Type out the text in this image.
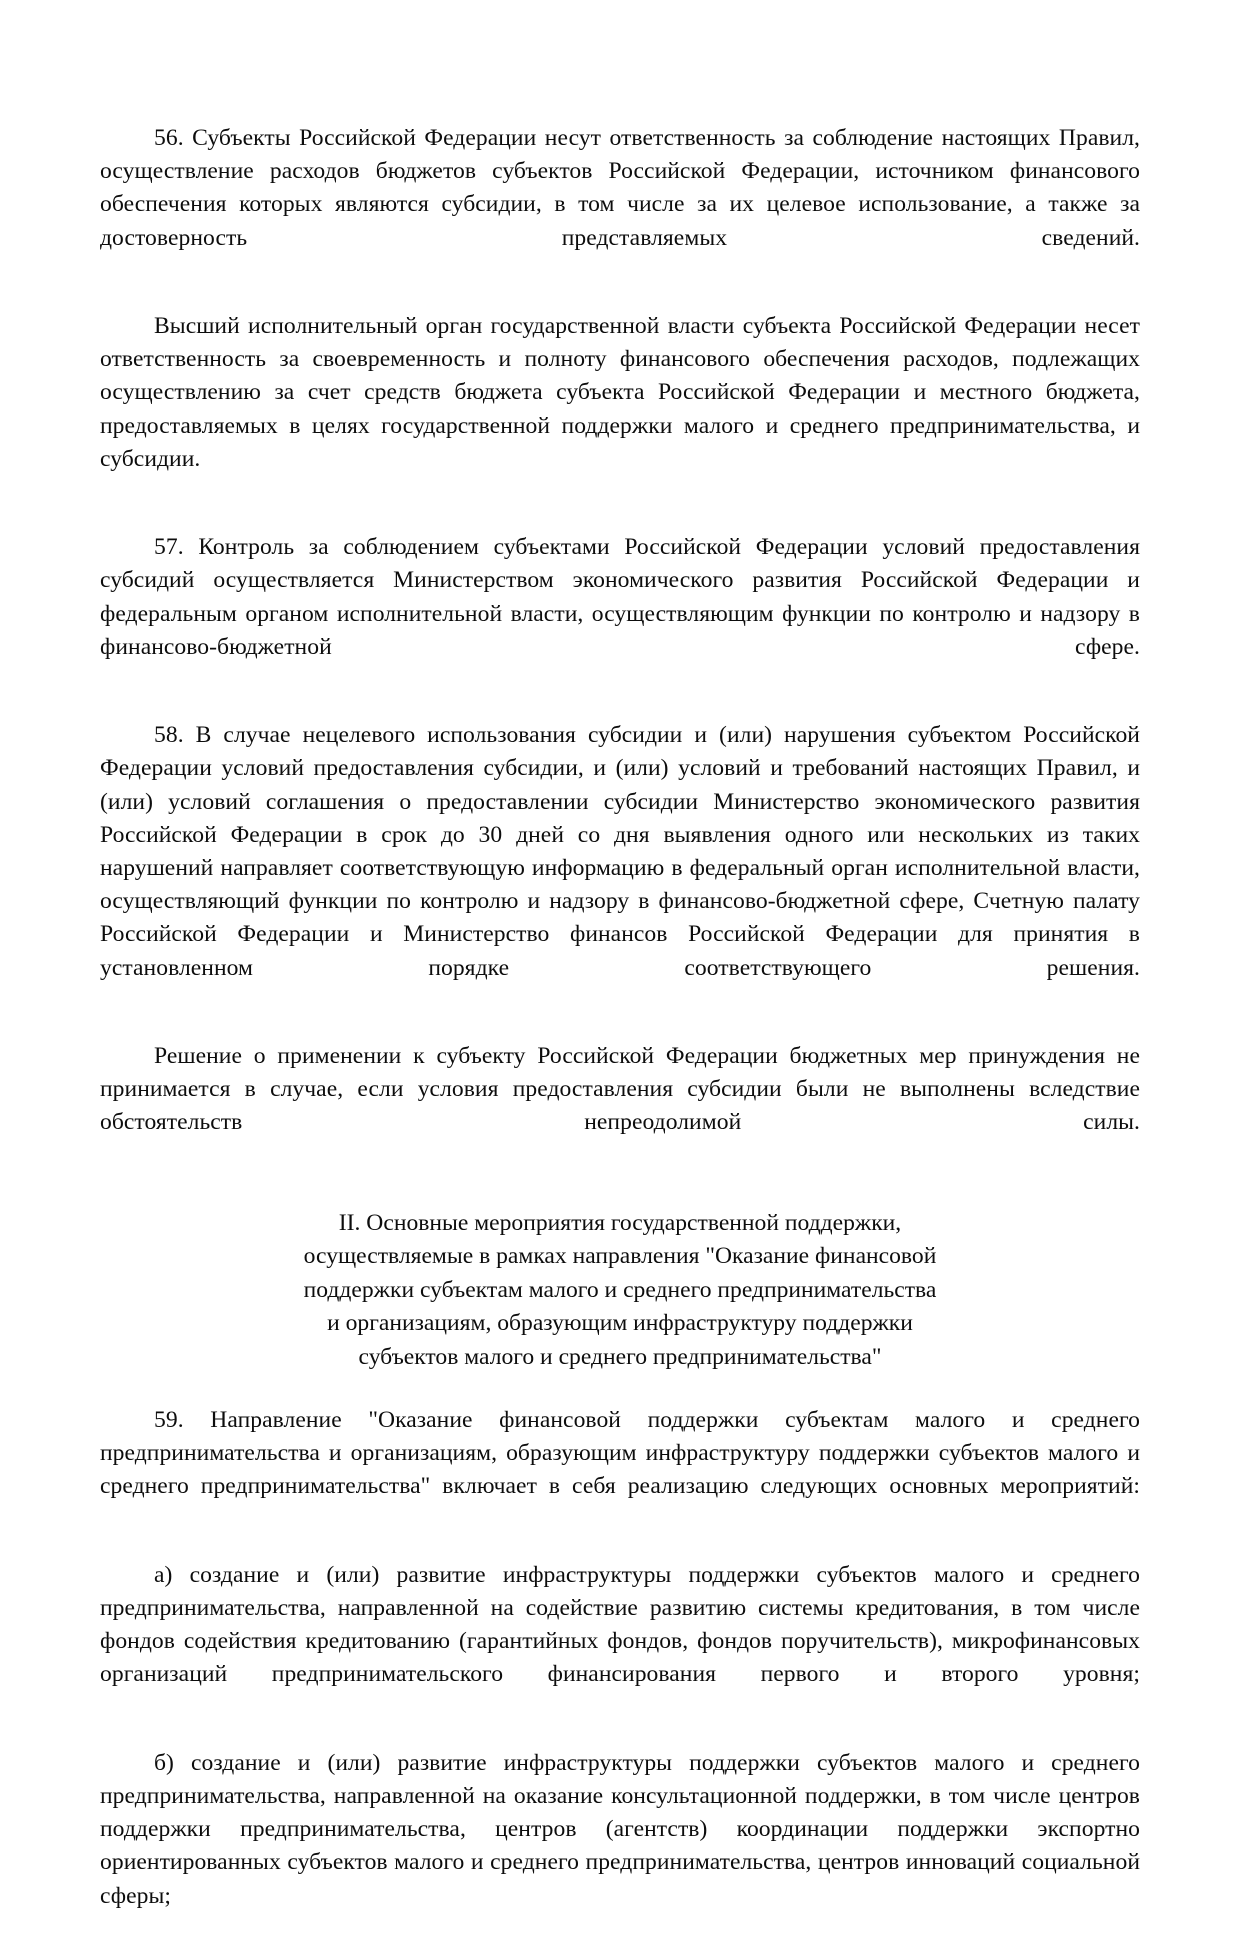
56. Субъекты Российской Федерации несут ответственность за соблюдение настоящих Правил, осуществление расходов бюджетов субъектов Российской Федерации, источником финансового обеспечения которых являются субсидии, в том числе за их целевое использование, а также за достоверность представляемых сведений.

Высший исполнительный орган государственной власти субъекта Российской Федерации несет ответственность за своевременность и полноту финансового обеспечения расходов, подлежащих осуществлению за счет средств бюджета субъекта Российской Федерации и местного бюджета, предоставляемых в целях государственной поддержки малого и среднего предпринимательства, и субсидии.

57. Контроль за соблюдением субъектами Российской Федерации условий предоставления субсидий осуществляется Министерством экономического развития Российской Федерации и федеральным органом исполнительной власти, осуществляющим функции по контролю и надзору в финансово-бюджетной сфере.

58. В случае нецелевого использования субсидии и (или) нарушения субъектом Российской Федерации условий предоставления субсидии, и (или) условий и требований настоящих Правил, и (или) условий соглашения о предоставлении субсидии Министерство экономического развития Российской Федерации в срок до 30 дней со дня выявления одного или нескольких из таких нарушений направляет соответствующую информацию в федеральный орган исполнительной власти, осуществляющий функции по контролю и надзору в финансово-бюджетной сфере, Счетную палату Российской Федерации и Министерство финансов Российской Федерации для принятия в установленном порядке соответствующего решения.

Решение о применении к субъекту Российской Федерации бюджетных мер принуждения не принимается в случае, если условия предоставления субсидии были не выполнены вследствие обстоятельств непреодолимой силы.

II. Основные мероприятия государственной поддержки,
осуществляемые в рамках направления "Оказание финансовой
поддержки субъектам малого и среднего предпринимательства
и организациям, образующим инфраструктуру поддержки
субъектов малого и среднего предпринимательства"

59. Направление "Оказание финансовой поддержки субъектам малого и среднего предпринимательства и организациям, образующим инфраструктуру поддержки субъектов малого и среднего предпринимательства" включает в себя реализацию следующих основных мероприятий:

а) создание и (или) развитие инфраструктуры поддержки субъектов малого и среднего предпринимательства, направленной на содействие развитию системы кредитования, в том числе фондов содействия кредитованию (гарантийных фондов, фондов поручительств), микрофинансовых организаций предпринимательского финансирования первого и второго уровня;

б) создание и (или) развитие инфраструктуры поддержки субъектов малого и среднего предпринимательства, направленной на оказание консультационной поддержки, в том числе центров поддержки предпринимательства, центров (агентств) координации поддержки экспортно ориентированных субъектов малого и среднего предпринимательства, центров инноваций социальной сферы;
